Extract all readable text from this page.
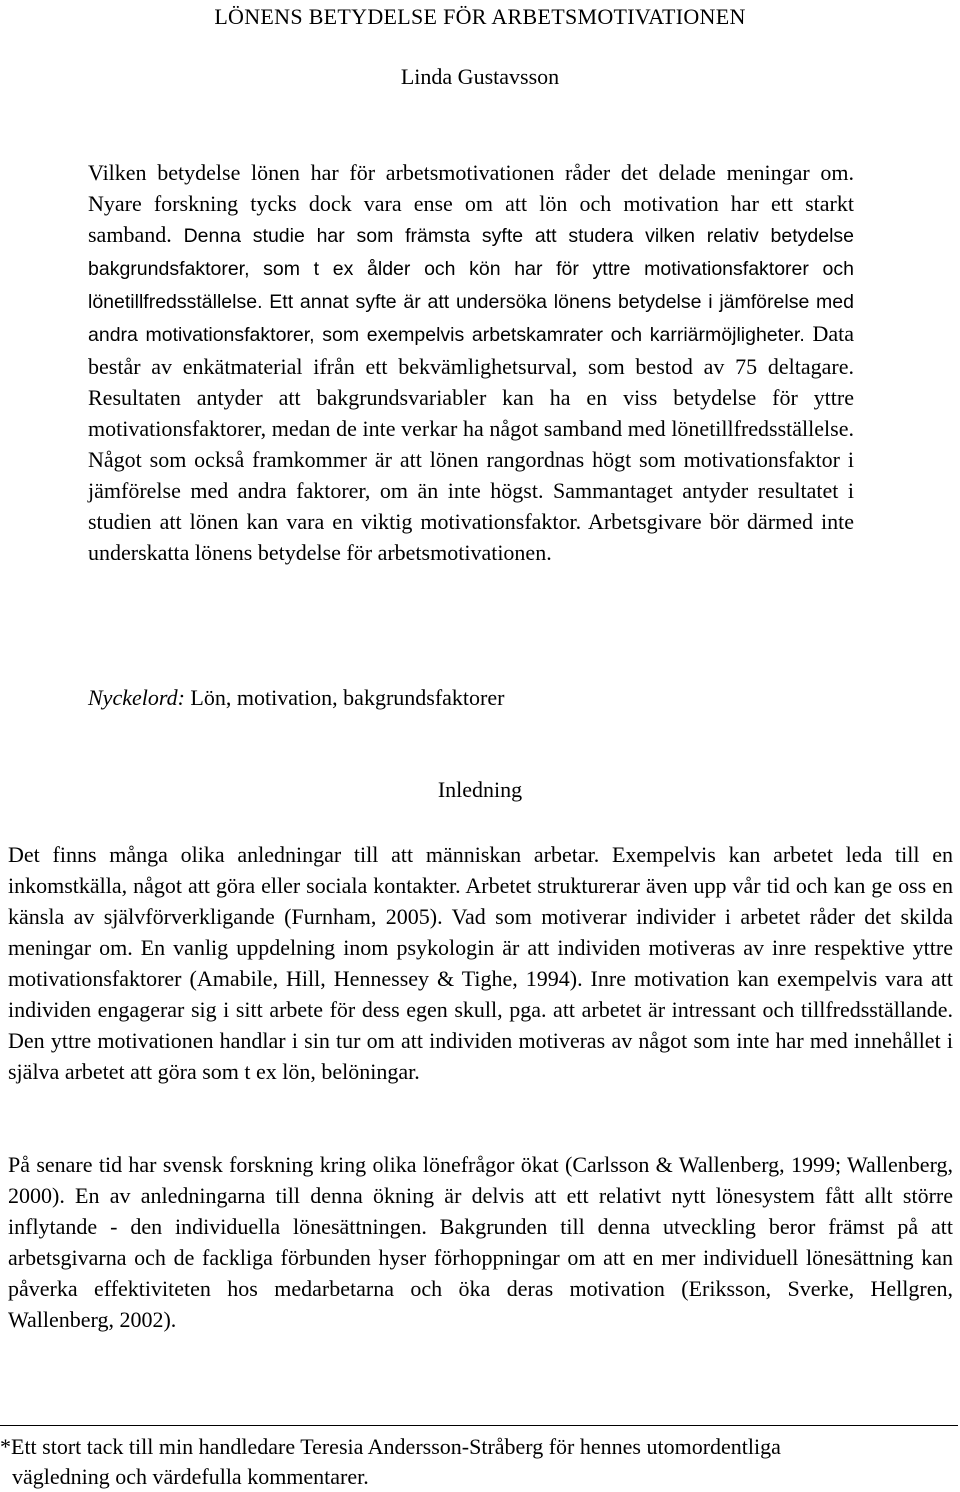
LÖNENS BETYDELSE FÖR ARBETSMOTIVATIONEN

Linda Gustavsson

Vilken betydelse lönen har för arbetsmotivationen råder det delade meningar om. Nyare forskning tycks dock vara ense om att lön och motivation har ett starkt samband. Denna studie har som främsta syfte att studera vilken relativ betydelse bakgrundsfaktorer, som t ex ålder och kön har för yttre motivationsfaktorer och lönetillfredsställelse. Ett annat syfte är att undersöka lönens betydelse i jämförelse med andra motivationsfaktorer, som exempelvis arbetskamrater och karriärmöjligheter. Data består av enkätmaterial ifrån ett bekvämlighetsurval, som bestod av 75 deltagare. Resultaten antyder att bakgrundsvariabler kan ha en viss betydelse för yttre motivationsfaktorer, medan de inte verkar ha något samband med lönetillfredsställelse. Något som också framkommer är att lönen rangordnas högt som motivationsfaktor i jämförelse med andra faktorer, om än inte högst. Sammantaget antyder resultatet i studien att lönen kan vara en viktig motivationsfaktor. Arbetsgivare bör därmed inte underskatta lönens betydelse för arbetsmotivationen.

Nyckelord: Lön, motivation, bakgrundsfaktorer

Inledning

Det finns många olika anledningar till att människan arbetar. Exempelvis kan arbetet leda till en inkomstkälla, något att göra eller sociala kontakter. Arbetet strukturerar även upp vår tid och kan ge oss en känsla av självförverkligande (Furnham, 2005). Vad som motiverar individer i arbetet råder det skilda meningar om. En vanlig uppdelning inom psykologin är att individen motiveras av inre respektive yttre motivationsfaktorer (Amabile, Hill, Hennessey & Tighe, 1994). Inre motivation kan exempelvis vara att individen engagerar sig i sitt arbete för dess egen skull, pga. att arbetet är intressant och tillfredsställande. Den yttre motivationen handlar i sin tur om att individen motiveras av något som inte har med innehållet i själva arbetet att göra som t ex lön, belöningar.

På senare tid har svensk forskning kring olika lönefrågor ökat (Carlsson & Wallenberg, 1999; Wallenberg, 2000). En av anledningarna till denna ökning är delvis att ett relativt nytt lönesystem fått allt större inflytande - den individuella lönesättningen. Bakgrunden till denna utveckling beror främst på att arbetsgivarna och de fackliga förbunden hyser förhoppningar om att en mer individuell lönesättning kan påverka effektiviteten hos medarbetarna och öka deras motivation (Eriksson, Sverke, Hellgren, Wallenberg, 2002).

*Ett stort tack till min handledare Teresia Andersson-Stråberg för hennes utomordentliga
vägledning och värdefulla kommentarer.
